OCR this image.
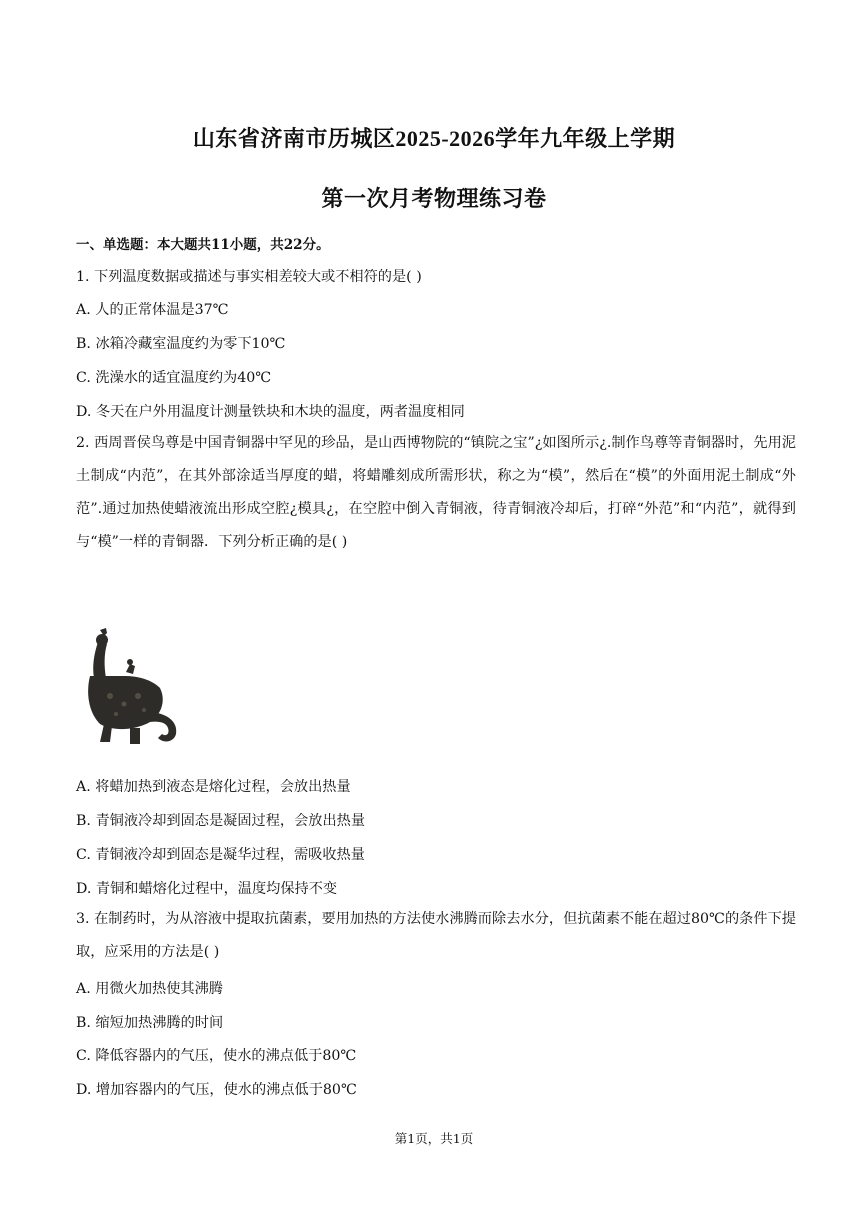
山东省济南市历城区2025-2026学年九年级上学期
第一次月考物理练习卷
一、单选题：本大题共11小题，共22分。
1. 下列温度数据或描述与事实相差较大或不相符的是( )
A. 人的正常体温是37℃
B. 冰箱冷藏室温度约为零下10℃
C. 洗澡水的适宜温度约为40℃
D. 冬天在户外用温度计测量铁块和木块的温度，两者温度相同
2. 西周晋侯鸟尊是中国青铜器中罕见的珍品，是山西博物院的“镇院之宝”¿如图所示¿.制作鸟尊等青铜器时，先用泥土制成“内范”，在其外部涂适当厚度的蜡，将蜡雕刻成所需形状，称之为“模”，然后在“模”的外面用泥土制成“外范”.通过加热使蜡液流出形成空腔¿模具¿，在空腔中倒入青铜液，待青铜液冷却后，打碎“外范”和“内范”，就得到与“模”一样的青铜器．下列分析正确的是( )
A. 将蜡加热到液态是熔化过程，会放出热量
B. 青铜液冷却到固态是凝固过程，会放出热量
C. 青铜液冷却到固态是凝华过程，需吸收热量
D. 青铜和蜡熔化过程中，温度均保持不变
3. 在制药时，为从溶液中提取抗菌素，要用加热的方法使水沸腾而除去水分，但抗菌素不能在超过80℃的条件下提取，应采用的方法是( )
A. 用微火加热使其沸腾
B. 缩短加热沸腾的时间
C. 降低容器内的气压，使水的沸点低于80℃
D. 增加容器内的气压，使水的沸点低于80℃
第1页，共1页
